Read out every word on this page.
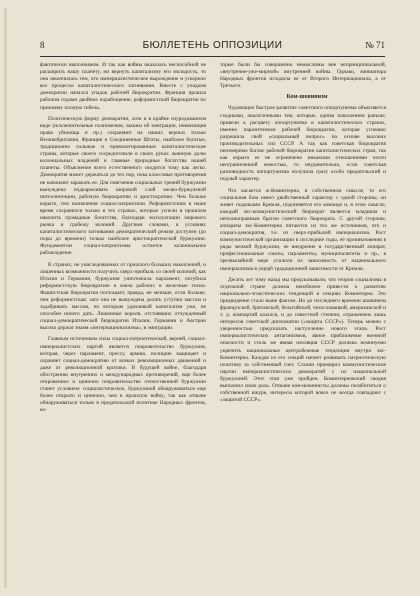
8	БЮЛЛЕТЕНЬ ОППОЗИЦИИ	№ 71

фактически выполнимом. И так как войны оказалась неспособной не расширить нашу планету, ни вернуть капитализму его молодость, то она закончилась тем, что империалистическое вырождение и ускорило все процессы капиталистического загнивания. Вместе с упадком демократии начался упадок рабочей бюрократии. Франция прошла рабочим годами двойное порабощение; реформистской бюрократии по прежнему полную гибель.

Политическую форму демократии, хотя и в крайне изуродованном виде (исключительные полномочия, законы об эмиграции, инквизиция права убежища и пр.) сохраняют на наших верных только Великобритания, Франция и Соединенные Штаты, наиболее богатые, традиционно сильные и привилегированные капиталистические страны, которые своего сосредоточили в своих руках львиную долю колониальных владений и главные природные богатства нашей планеты. Объяснение всего естественного сводится тому как легко. Демократия может держаться до тех пор, пока классовые противоречия не начинают заражать ее. Для смягчения социальных трений буржуазии вынуждена подкармливать широкий слой мелко-буржуазной интеллигенции, рабочую бюрократию и аристократию. Чем больше корыто, тем назначения социал-патриотизм. Реформистским в наше время сохранился только в тех странах, которые успели в прошлом накопить громадные богатства, благодаря эксплуатации мирового рынка и грабежу колоний. Другими словами, в условиях капиталистического загнивания демократический режим доступен (до поры до времени) только наиболее аристократической буржуазии. Фундаментом социал-патриотизма остается колониальное рабовладение.

В странах, не унаследованных от прошлого больших накоплений, и лишенных возможности получить сверх-прибыль со своей колоний, как Италия и Германия, буржуазия уничтожила парламент, погубила реформистскую бюрократию и взяла рабочих в железные тиски. Фашистская бюрократия поглощает, правда, не меньше, если больше, чем реформистская; зато она не вынуждена делать уступки массам и задабривать массам, но которым удачливый капитализм уже, не способен ничего дать. Лишенные короля, отстоявших отчужденный социал-демократической бюрократии Италии, Германии и Австрии высоко держат знамя «интернационализма», в эмиграции.

Главным источником силы социал-патриотической, верней, социал-империалистских партий является покровительство буржуазии, которая, через парламент, прессу, армию, полицию защищает и охраняет социал-демократию от всяких революционных движений и даже от революционной критики. В будущей войне, благодаря обострению внутренних и международных противоречий, еще более откровенное и цинично покровительство отечественной буржуазии станет условием: социалистическое, буржуазной обнаруживаться еще более открыто и цинично, чем в прошлую войну, так как отныне обнаруживаться только в предательской политике Народных фронтов, ко-

торые были бы совершенно немыслимы вне непринципиальной, «внутренне-уже-мирной» внутренней войны. Однако, миниатюра Народных фронтов исходила ее от Второго Интернационала, а от Третьего.

Ком-шовинизм

Чудовищно быстрое развитие советского оппортунизма объясняется сходными, аналогичными тем, которые, одним поколением раньше, привели к расцвету оппортунизма в капиталистических странах, именно паразитизмом рабочей бюрократии, которая успешно разрешила свой «социальный вопрос» на основе высоких производительных сил СССР. А так как советская бюрократия неизмеримо богаче рабочей бюрократии капиталистических стран, так как корыто ее не ограничено никакими отношениями почти неограниченной емкостью, то неудивительно, если советская разновидность оппортунизма получила сразу особо предательский и подлый характер.

Что касается ж-Коминтерна, в собственном смысле, то его социальная база имеет двойственный характер: с одной стороны, он живет подачками Кремля, подчиняется его команде и, в этом смысле, каждый экс-коммунистический бюрократ является младшим и неполноправным братом советского бюрократа. С другой стороны, аппараты экс-Коминтерна питаются из тех же источников, что и социал-демократия, т.е. из сверх-прибылей империализма. Рост коммунистической организации в последние годы, её проникновения в ряды мелкой буржуазии, ее внедрение в государственный аппарат, профессиональные союзы, парламенты, муниципалитеты и пр., в чрезвычайной мере усилили их зависимость от национального империализма в ущерб традиционной зависимости от Кремля.

Десять лет тому назад мы предсказывали, что теория социализма в отдельной стране должна неизбежно привести к развитию национально-эгоистических тенденций в секциях Коминтерна. Это предвидение стало ныне фактом. Но до последнего времени шовинизм французской, британской, бельгийской, чехословацкой, американской и т. д. компартий казался, и до известной степени, отражением лишь интересов советской дипломатии («защита СССР»). Теперь можно с уверенностью предсказать наступление нового этапа. Рост империалистических антагонизмов, явное приближение военной опасности и столь же явная изоляция СССР должны неминуемо укрепить национальные центробежные тенденции внутри экс-Коминтерна. Каждая из его секций начнет развивать патриотическую политику за собственный счет. Сталин примирил коммунистические партии империалистических демократий с их национальной буржуазией. Этот этап уже пройден. Коминтерновский сводня выполнил свою роль. Отныне ком-шовинисты должны позаботиться о собственной шкуре, интересы которой вовсе не всегда совпадают с «защитой СССР».
